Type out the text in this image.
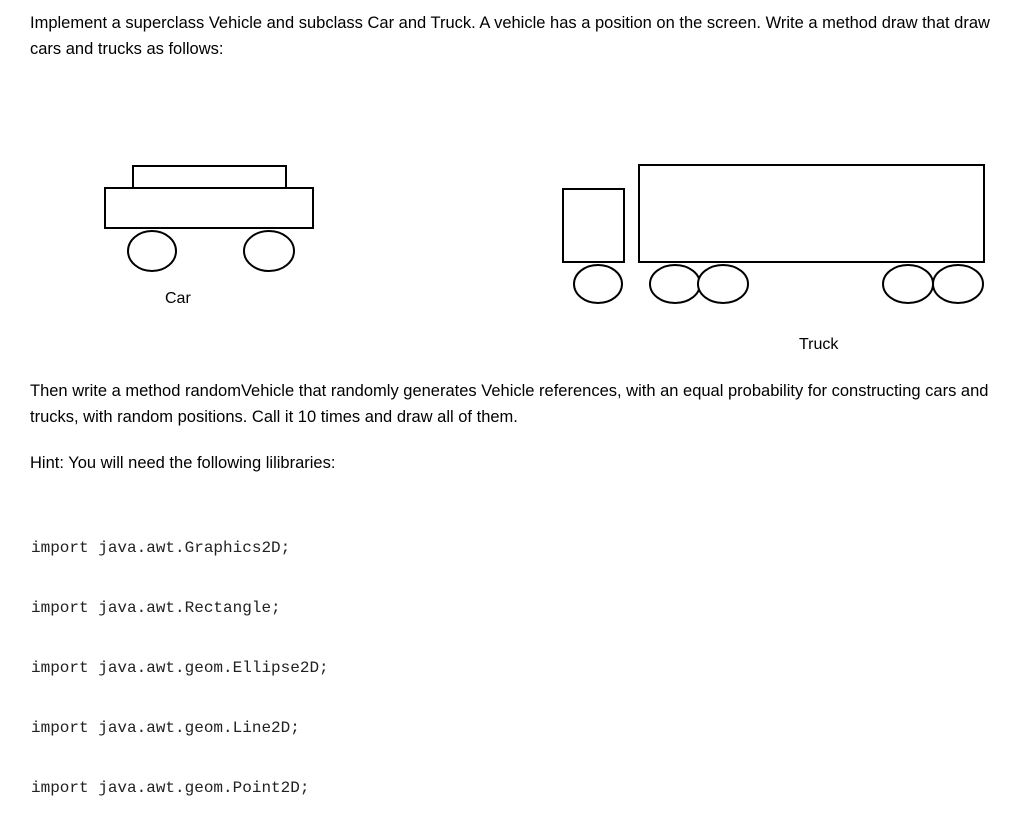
Implement a superclass Vehicle and subclass Car and Truck. A vehicle has a position on the screen. Write a method draw that draw cars and trucks as follows:

Car

Truck

Then write a method randomVehicle that randomly generates Vehicle references, with an equal probability for constructing cars and trucks, with random positions. Call it 10 times and draw all of them.

Hint: You will need the following lilibraries:

import java.awt.Graphics2D;

import java.awt.Rectangle;

import java.awt.geom.Ellipse2D;

import java.awt.geom.Line2D;

import java.awt.geom.Point2D;
